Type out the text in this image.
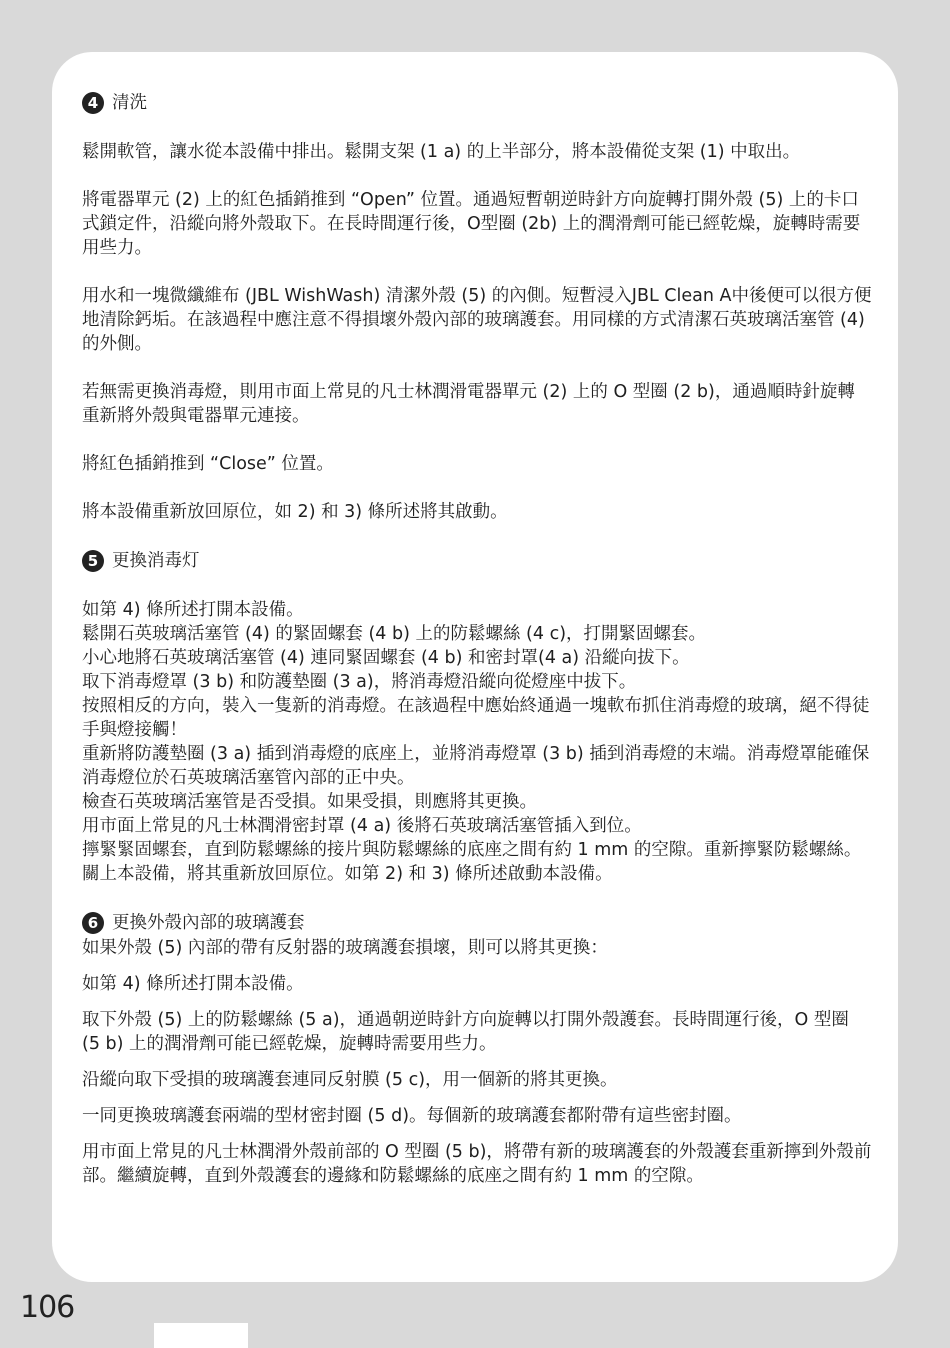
4 清洗

鬆開軟管，讓水從本設備中排出。鬆開支架 (1 a) 的上半部分，將本設備從支架 (1) 中取出。

將電器單元 (2) 上的紅色插銷推到 “Open” 位置。通過短暫朝逆時針方向旋轉打開外殼 (5) 上的卡口式鎖定件，沿縱向將外殼取下。在長時間運行後，O型圈 (2b) 上的潤滑劑可能已經乾燥，旋轉時需要用些力。

用水和一塊微纖維布 (JBL WishWash) 清潔外殼 (5) 的內側。短暫浸入JBL Clean A中後便可以很方便地清除鈣垢。在該過程中應注意不得損壞外殼內部的玻璃護套。用同樣的方式清潔石英玻璃活塞管 (4) 的外側。

若無需更換消毒燈，則用市面上常見的凡士林潤滑電器單元 (2) 上的 O 型圈 (2 b)，通過順時針旋轉重新將外殼與電器單元連接。

將紅色插銷推到 “Close” 位置。

將本設備重新放回原位，如 2) 和 3) 條所述將其啟動。

5 更換消毒灯

如第 4) 條所述打開本設備。

鬆開石英玻璃活塞管 (4) 的緊固螺套 (4 b) 上的防鬆螺絲 (4 c)，打開緊固螺套。

小心地將石英玻璃活塞管 (4) 連同緊固螺套 (4 b) 和密封罩(4 a) 沿縱向拔下。

取下消毒燈罩 (3 b) 和防護墊圈 (3 a)，將消毒燈沿縱向從燈座中拔下。

按照相反的方向，裝入一隻新的消毒燈。在該過程中應始終通過一塊軟布抓住消毒燈的玻璃，絕不得徒手與燈接觸！

重新將防護墊圈 (3 a) 插到消毒燈的底座上，並將消毒燈罩 (3 b) 插到消毒燈的末端。消毒燈罩能確保消毒燈位於石英玻璃活塞管內部的正中央。

檢查石英玻璃活塞管是否受損。如果受損，則應將其更換。

用市面上常見的凡士林潤滑密封罩 (4 a) 後將石英玻璃活塞管插入到位。

擰緊緊固螺套，直到防鬆螺絲的接片與防鬆螺絲的底座之間有約 1 mm 的空隙。重新擰緊防鬆螺絲。

關上本設備，將其重新放回原位。如第 2) 和 3) 條所述啟動本設備。

6 更換外殼內部的玻璃護套

如果外殼 (5) 內部的帶有反射器的玻璃護套損壞，則可以將其更換：

如第 4) 條所述打開本設備。

取下外殼 (5) 上的防鬆螺絲 (5 a)，通過朝逆時針方向旋轉以打開外殼護套。長時間運行後，O 型圈 (5 b) 上的潤滑劑可能已經乾燥，旋轉時需要用些力。

沿縱向取下受損的玻璃護套連同反射膜 (5 c)，用一個新的將其更換。

一同更換玻璃護套兩端的型材密封圈 (5 d)。每個新的玻璃護套都附帶有這些密封圈。

用市面上常見的凡士林潤滑外殼前部的 O 型圈 (5 b)，將帶有新的玻璃護套的外殼護套重新擰到外殼前部。繼續旋轉，直到外殼護套的邊緣和防鬆螺絲的底座之間有約 1 mm 的空隙。

106
